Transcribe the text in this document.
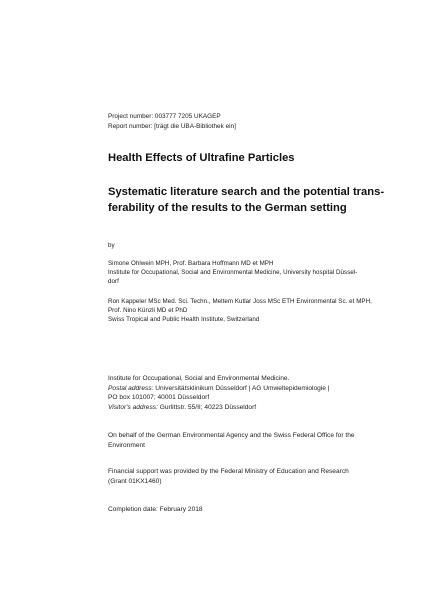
Project number: 003777 7205 UKAGEP
Report number: [trägt die UBA-Bibliothek ein]
Health Effects of Ultrafine Particles
Systematic literature search and the potential trans-
ferability of the results to the German setting
by
Simone Ohlwein MPH, Prof. Barbara Hoffmann MD et MPH
Institute for Occupational, Social and Environmental Medicine, University hospital Düssel-
dorf
Ron Kappeler MSc Med. Sci. Techn., Meltem Kutlar Joss MSc ETH Environmental Sc. et MPH,
Prof. Nino Künzli MD et PhD
Swiss Tropical and Public Health Institute, Switzerland
Institute for Occupational, Social and Environmental Medicine.
Postal address: Universitätsklinikum Düsseldorf | AG Umweltepidemiologie |
PO box 101007; 40001 Düsseldorf
Visitor's address: Gurlittstr. 55/II; 40223 Düsseldorf
On behalf of the German Environmental Agency and the Swiss Federal Office for the
Environment
Financial support was provided by the Federal Ministry of Education and Research
(Grant 01KX1460)
Completion date: February 2018
